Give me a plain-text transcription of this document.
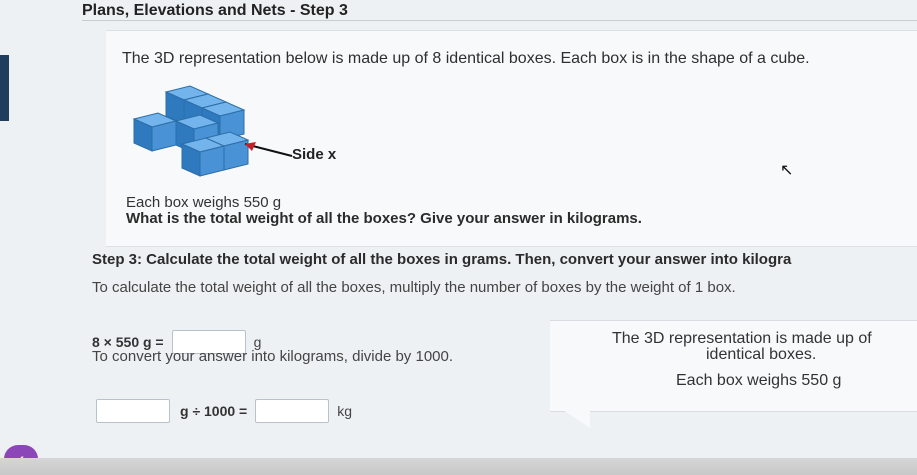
Plans, Elevations and Nets - Step 3
The 3D representation below is made up of 8 identical boxes. Each box is in the shape of a cube.
Side x
Each box weighs 550 g
What is the total weight of all the boxes? Give your answer in kilograms.
Step 3: Calculate the total weight of all the boxes in grams. Then, convert your answer into kilogra
To calculate the total weight of all the boxes, multiply the number of boxes by the weight of 1 box.
8 × 550 g =	g
To convert your answer into kilograms, divide by 1000.
g ÷ 1000 =	kg
The 3D representation is made up of
identical boxes.
Each box weighs 550 g
↖
